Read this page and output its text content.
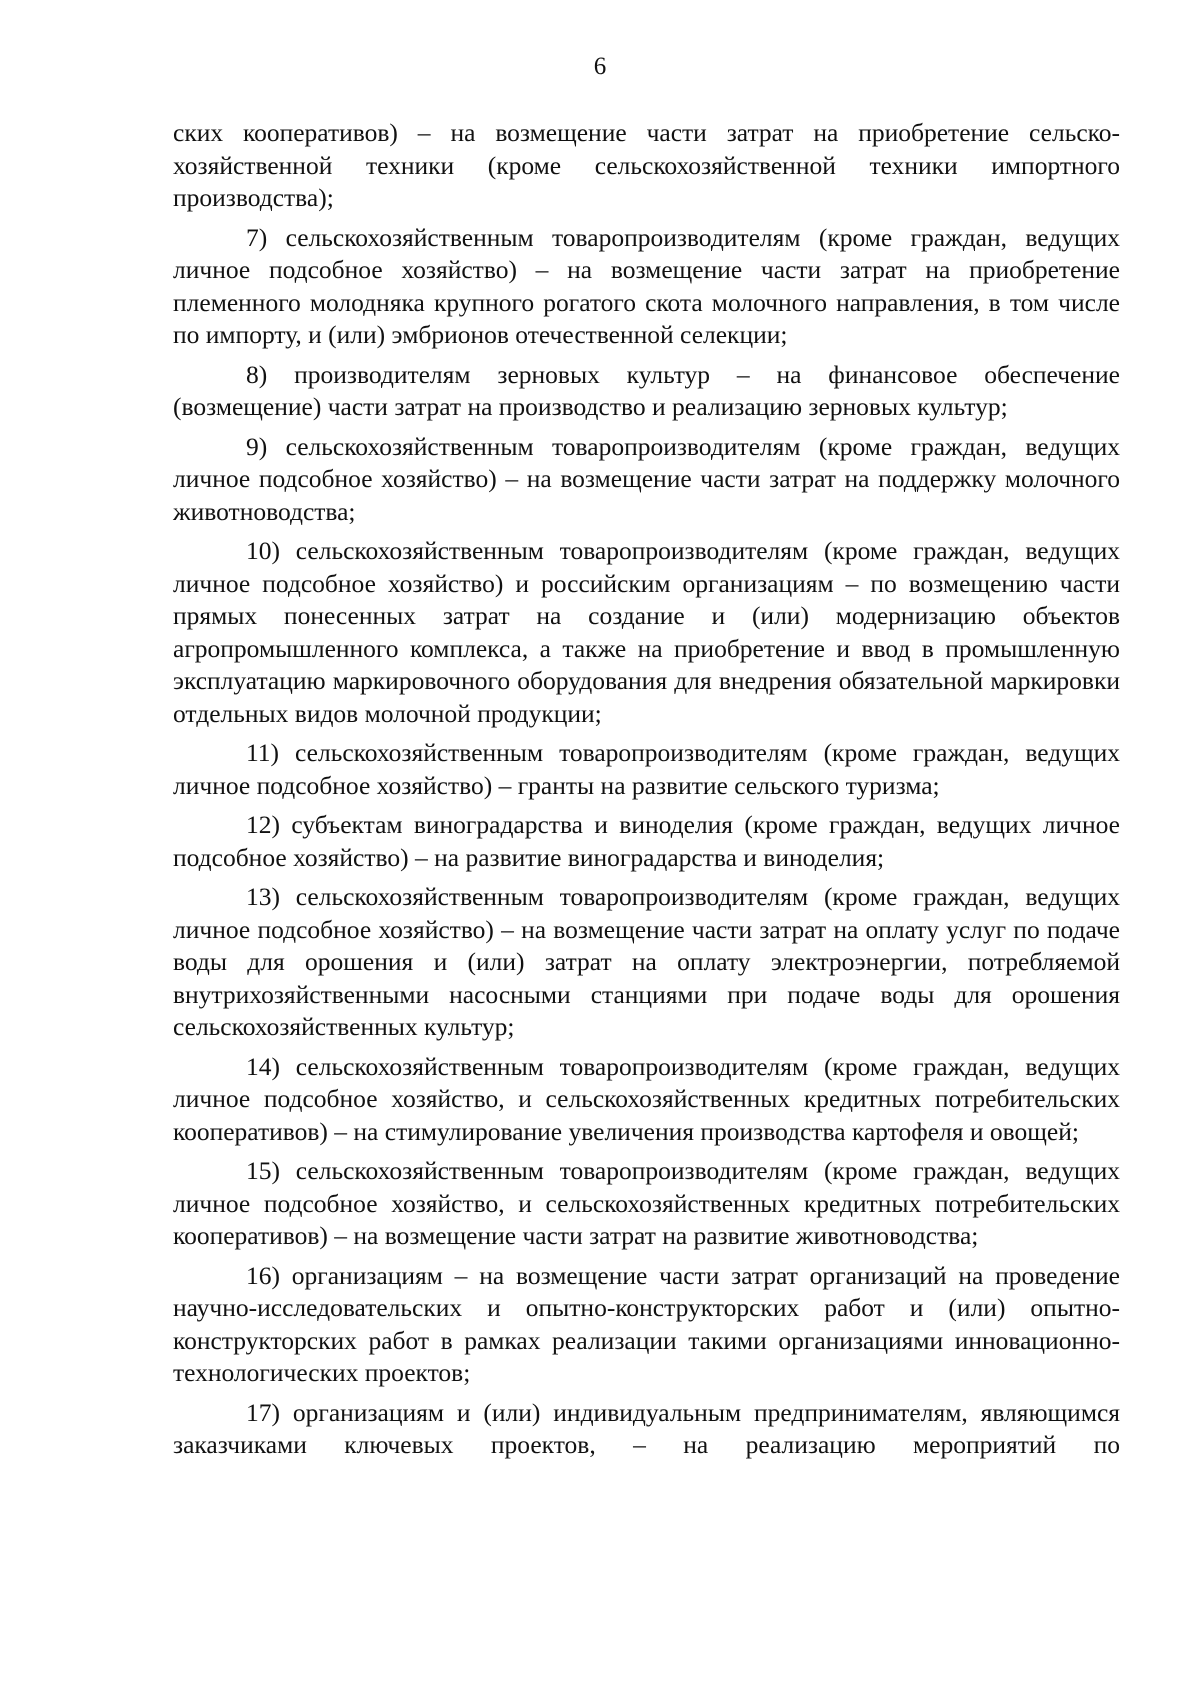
6

ских кооперативов) – на возмещение части затрат на приобретение сельскохозяйственной техники (кроме сельскохозяйственной техники импортного производства);

7) сельскохозяйственным товаропроизводителям (кроме граждан, ведущих личное подсобное хозяйство) – на возмещение части затрат на приобретение племенного молодняка крупного рогатого скота молочного направления, в том числе по импорту, и (или) эмбрионов отечественной селекции;

8) производителям зерновых культур – на финансовое обеспечение (возмещение) части затрат на производство и реализацию зерновых культур;

9) сельскохозяйственным товаропроизводителям (кроме граждан, ведущих личное подсобное хозяйство) – на возмещение части затрат на поддержку молочного животноводства;

10) сельскохозяйственным товаропроизводителям (кроме граждан, ведущих личное подсобное хозяйство) и российским организациям – по возмещению части прямых понесенных затрат на создание и (или) модернизацию объектов агропромышленного комплекса, а также на приобретение и ввод в промышленную эксплуатацию маркировочного оборудования для внедрения обязательной маркировки отдельных видов молочной продукции;

11) сельскохозяйственным товаропроизводителям (кроме граждан, ведущих личное подсобное хозяйство) – гранты на развитие сельского туризма;

12) субъектам виноградарства и виноделия (кроме граждан, ведущих личное подсобное хозяйство) – на развитие виноградарства и виноделия;

13) сельскохозяйственным товаропроизводителям (кроме граждан, ведущих личное подсобное хозяйство) – на возмещение части затрат на оплату услуг по подаче воды для орошения и (или) затрат на оплату электроэнергии, потребляемой внутрихозяйственными насосными станциями при подаче воды для орошения сельскохозяйственных культур;

14) сельскохозяйственным товаропроизводителям (кроме граждан, ведущих личное подсобное хозяйство, и сельскохозяйственных кредитных потребительских кооперативов) – на стимулирование увеличения производства картофеля и овощей;

15) сельскохозяйственным товаропроизводителям (кроме граждан, ведущих личное подсобное хозяйство, и сельскохозяйственных кредитных потребительских кооперативов) – на возмещение части затрат на развитие животноводства;

16) организациям – на возмещение части затрат организаций на проведение научно-исследовательских и опытно-конструкторских работ и (или) опытно-конструкторских работ в рамках реализации такими организациями инновационно-технологических проектов;

17) организациям и (или) индивидуальным предпринимателям, являющимся заказчиками ключевых проектов, – на реализацию мероприятий по
